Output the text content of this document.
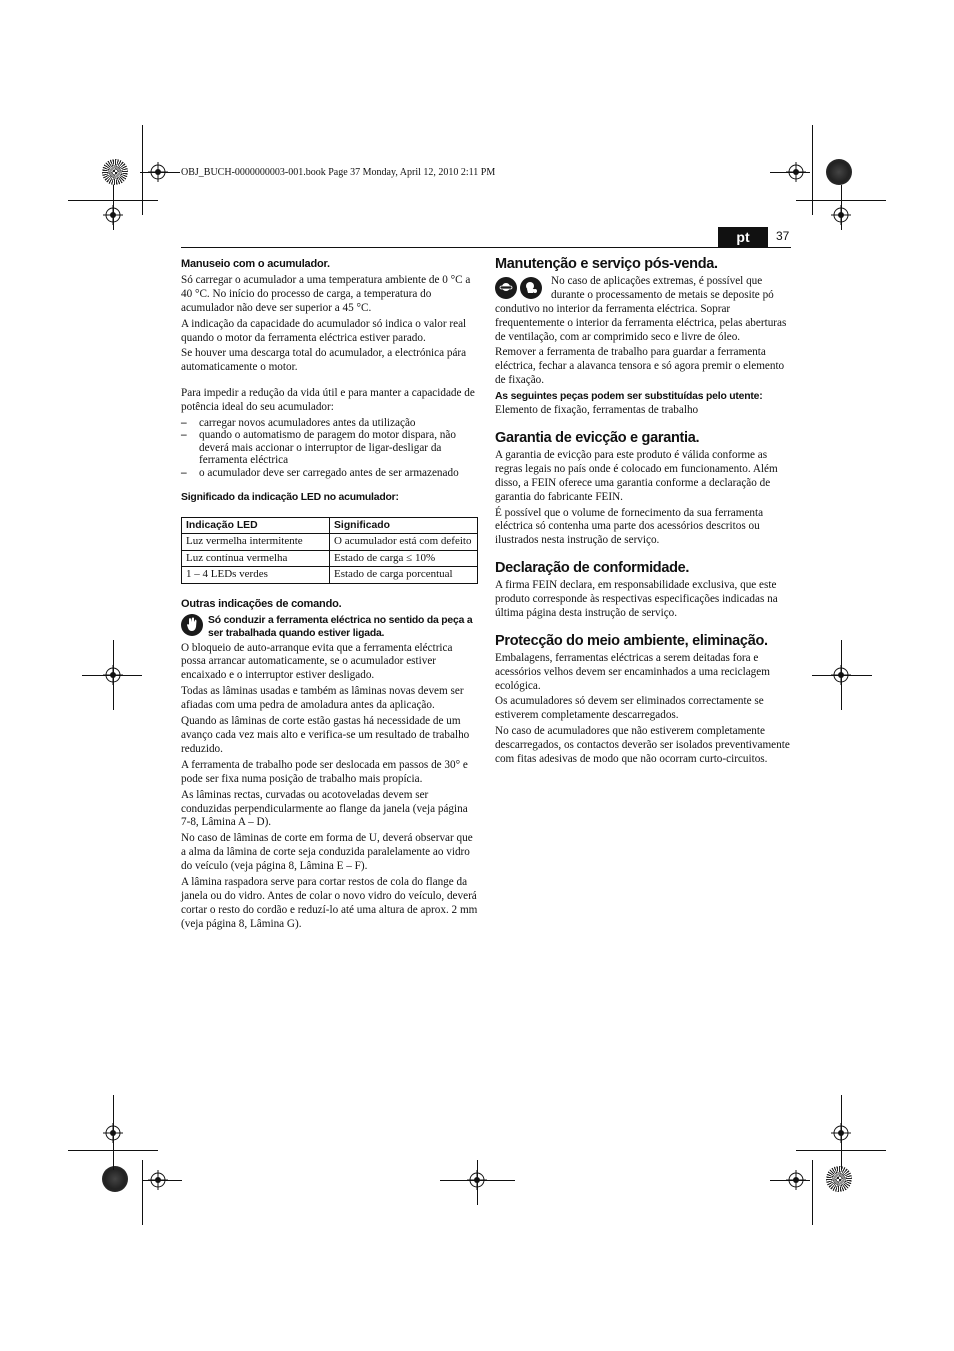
OBJ_BUCH-0000000003-001.book Page 37 Monday, April 12, 2010 2:11 PM
pt	37
Manuseio com o acumulador.

Só carregar o acumulador a uma temperatura ambiente de 0 °C a 40 °C. No início do processo de carga, a temperatura do acumulador não deve ser superior a 45 °C.

A indicação da capacidade do acumulador só indica o valor real quando o motor da ferramenta eléctrica estiver parado.

Se houver uma descarga total do acumulador, a electrónica pára automaticamente o motor.

Para impedir a redução da vida útil e para manter a capacidade de potência ideal do seu acumulador:

– carregar novos acumuladores antes da utilização
– quando o automatismo de paragem do motor dispara, não deverá mais accionar o interruptor de ligar-desligar da ferramenta eléctrica
– o acumulador deve ser carregado antes de ser armazenado
Significado da indicação LED no acumulador:
Indicação LED	Significado
Luz vermelha intermitente	O acumulador está com defeito
Luz contínua vermelha	Estado de carga ≤ 10%
1 – 4 LEDs verdes	Estado de carga porcentual
Outras indicações de comando.
Só conduzir a ferramenta eléctrica no sentido da peça a ser trabalhada quando estiver ligada.

O bloqueio de auto-arranque evita que a ferramenta eléctrica possa arrancar automaticamente, se o acumulador estiver encaixado e o interruptor estiver desligado.

Todas as lâminas usadas e também as lâminas novas devem ser afiadas com uma pedra de amoladura antes da aplicação.

Quando as lâminas de corte estão gastas há necessidade de um avanço cada vez mais alto e verifica-se um resultado de trabalho reduzido.

A ferramenta de trabalho pode ser deslocada em passos de 30° e pode ser fixa numa posição de trabalho mais propícia.

As lâminas rectas, curvadas ou acotoveladas devem ser conduzidas perpendicularmente ao flange da janela (veja página 7-8, Lâmina A – D).

No caso de lâminas de corte em forma de U, deverá observar que a alma da lâmina de corte seja conduzida paralelamente ao vidro do veículo (veja página 8, Lâmina E – F).

A lâmina raspadora serve para cortar restos de cola do flange da janela ou do vidro. Antes de colar o novo vidro do veículo, deverá cortar o resto do cordão e reduzí-lo até uma altura de aprox. 2 mm (veja página 8, Lâmina G).

Manutenção e serviço pós-venda.

No caso de aplicações extremas, é possível que durante o processamento de metais se deposite pó condutivo no interior da ferramenta eléctrica. Soprar frequentemente o interior da ferramenta eléctrica, pelas aberturas de ventilação, com ar comprimido seco e livre de óleo.

Remover a ferramenta de trabalho para guardar a ferramenta eléctrica, fechar a alavanca tensora e só agora premir o elemento de fixação.

As seguintes peças podem ser substituídas pelo utente:

Elemento de fixação, ferramentas de trabalho

Garantia de evicção e garantia.

A garantia de evicção para este produto é válida conforme as regras legais no país onde é colocado em funcionamento. Além disso, a FEIN oferece uma garantia conforme a declaração de garantia do fabricante FEIN.

É possível que o volume de fornecimento da sua ferramenta eléctrica só contenha uma parte dos acessórios descritos ou ilustrados nesta instrução de serviço.

Declaração de conformidade.

A firma FEIN declara, em responsabilidade exclusiva, que este produto corresponde às respectivas especificações indicadas na última página desta instrução de serviço.

Protecção do meio ambiente, eliminação.

Embalagens, ferramentas eléctricas a serem deitadas fora e acessórios velhos devem ser encaminhados a uma reciclagem ecológica.

Os acumuladores só devem ser eliminados correctamente se estiverem completamente descarregados.

No caso de acumuladores que não estiverem completamente descarregados, os contactos deverão ser isolados preventivamente com fitas adesivas de modo que não ocorram curto-circuitos.
